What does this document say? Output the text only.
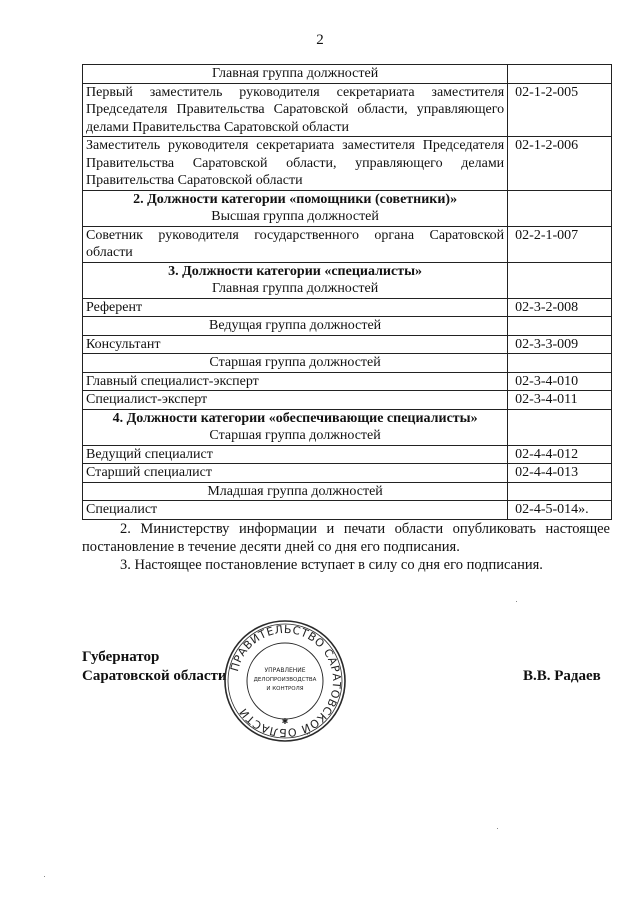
2
Главная группа должностей	
Первый заместитель руководителя секретариата заместителя Председателя Правительства Саратовской области, управляющего делами Правительства Саратовской области	02-1-2-005
Заместитель руководителя секретариата заместителя Председателя Правительства Саратовской области, управляющего делами Правительства Саратовской области	02-1-2-006

2. Должности категории «помощники (советники)»
Высшая группа должностей	

Советник руководителя государственного органа Саратовской области	02-2-1-007

3. Должности категории «специалисты»
Главная группа должностей	

Референт	02-3-2-008
Ведущая группа должностей	
Консультант	02-3-3-009
Старшая группа должностей	
Главный специалист-эксперт	02-3-4-010
Специалист-эксперт	02-3-4-011

4. Должности категории «обеспечивающие специалисты»
Старшая группа должностей	

Ведущий специалист	02-4-4-012
Старший специалист	02-4-4-013
Младшая группа должностей	
Специалист	02-4-5-014».

2. Министерству информации и печати области опубликовать настоящее постановление в течение десяти дней со дня его подписания.

3. Настоящее постановление вступает в силу со дня его подписания.

Губернатор
Саратовской области	В.В. Радаев
ПРАВИТЕЛЬСТВО САРАТОВСКОЙ ОБЛАСТИ
УПРАВЛЕНИЕ
ДЕЛОПРОИЗВОДСТВА
И КОНТРОЛЯ
✱
